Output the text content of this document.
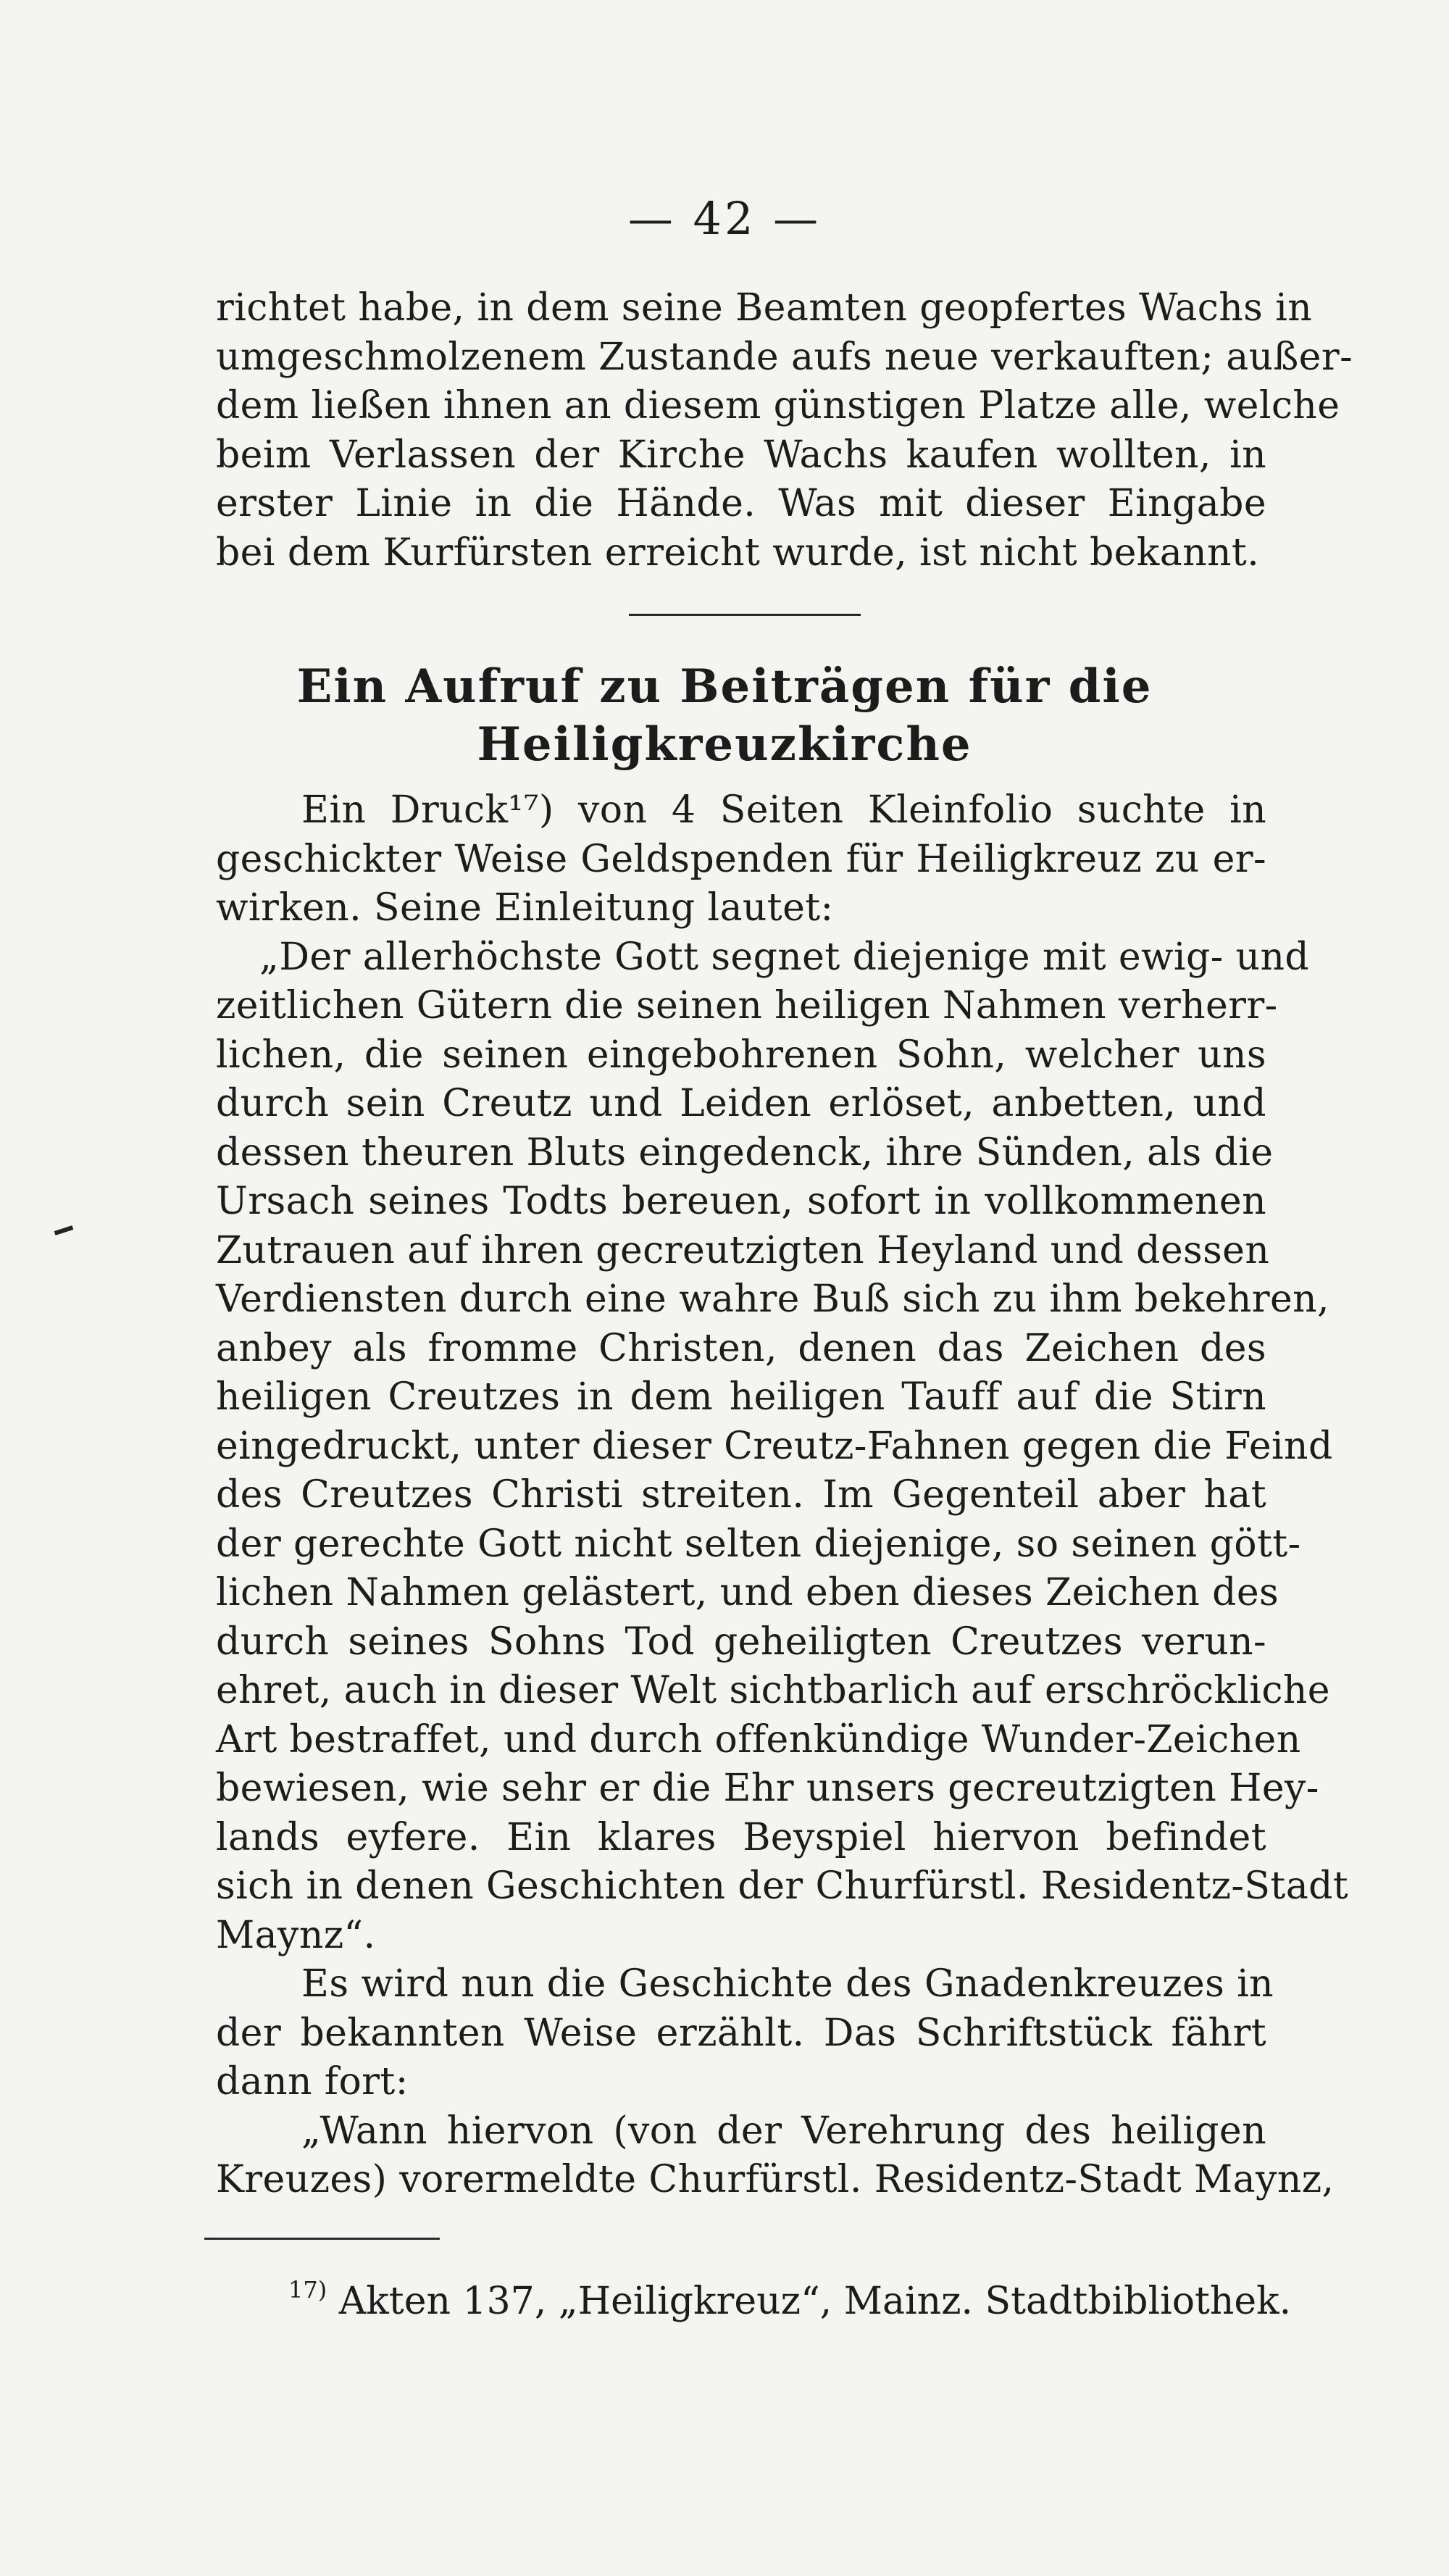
— 42 —
richtet habe, in dem seine Beamten geopfertes Wachs in
umgeschmolzenem Zustande aufs neue verkauften; außer-
dem ließen ihnen an diesem günstigen Platze alle, welche
beim Verlassen der Kirche Wachs kaufen wollten, in
erster Linie in die Hände. Was mit dieser Eingabe
bei dem Kurfürsten erreicht wurde, ist nicht bekannt.
Ein Aufruf zu Beiträgen für die
Heiligkreuzkirche
Ein Druck¹⁷) von 4 Seiten Kleinfolio suchte in
geschickter Weise Geldspenden für Heiligkreuz zu er-
wirken. Seine Einleitung lautet:
„Der allerhöchste Gott segnet diejenige mit ewig- und
zeitlichen Gütern die seinen heiligen Nahmen verherr-
lichen, die seinen eingebohrenen Sohn, welcher uns
durch sein Creutz und Leiden erlöset, anbetten, und
dessen theuren Bluts eingedenck, ihre Sünden, als die
Ursach seines Todts bereuen, sofort in vollkommenen
Zutrauen auf ihren gecreutzigten Heyland und dessen
Verdiensten durch eine wahre Buß sich zu ihm bekehren,
anbey als fromme Christen, denen das Zeichen des
heiligen Creutzes in dem heiligen Tauff auf die Stirn
eingedruckt, unter dieser Creutz-Fahnen gegen die Feind
des Creutzes Christi streiten. Im Gegenteil aber hat
der gerechte Gott nicht selten diejenige, so seinen gött-
lichen Nahmen gelästert, und eben dieses Zeichen des
durch seines Sohns Tod geheiligten Creutzes verun-
ehret, auch in dieser Welt sichtbarlich auf erschröckliche
Art bestraffet, und durch offenkündige Wunder-Zeichen
bewiesen, wie sehr er die Ehr unsers gecreutzigten Hey-
lands eyfere. Ein klares Beyspiel hiervon befindet
sich in denen Geschichten der Churfürstl. Residentz-Stadt
Maynz“.
Es wird nun die Geschichte des Gnadenkreuzes in
der bekannten Weise erzählt. Das Schriftstück fährt
dann fort:
„Wann hiervon (von der Verehrung des heiligen
Kreuzes) vorermeldte Churfürstl. Residentz-Stadt Maynz,
$^{17)}$ Akten 137, „Heiligkreuz“, Mainz. Stadtbibliothek.
